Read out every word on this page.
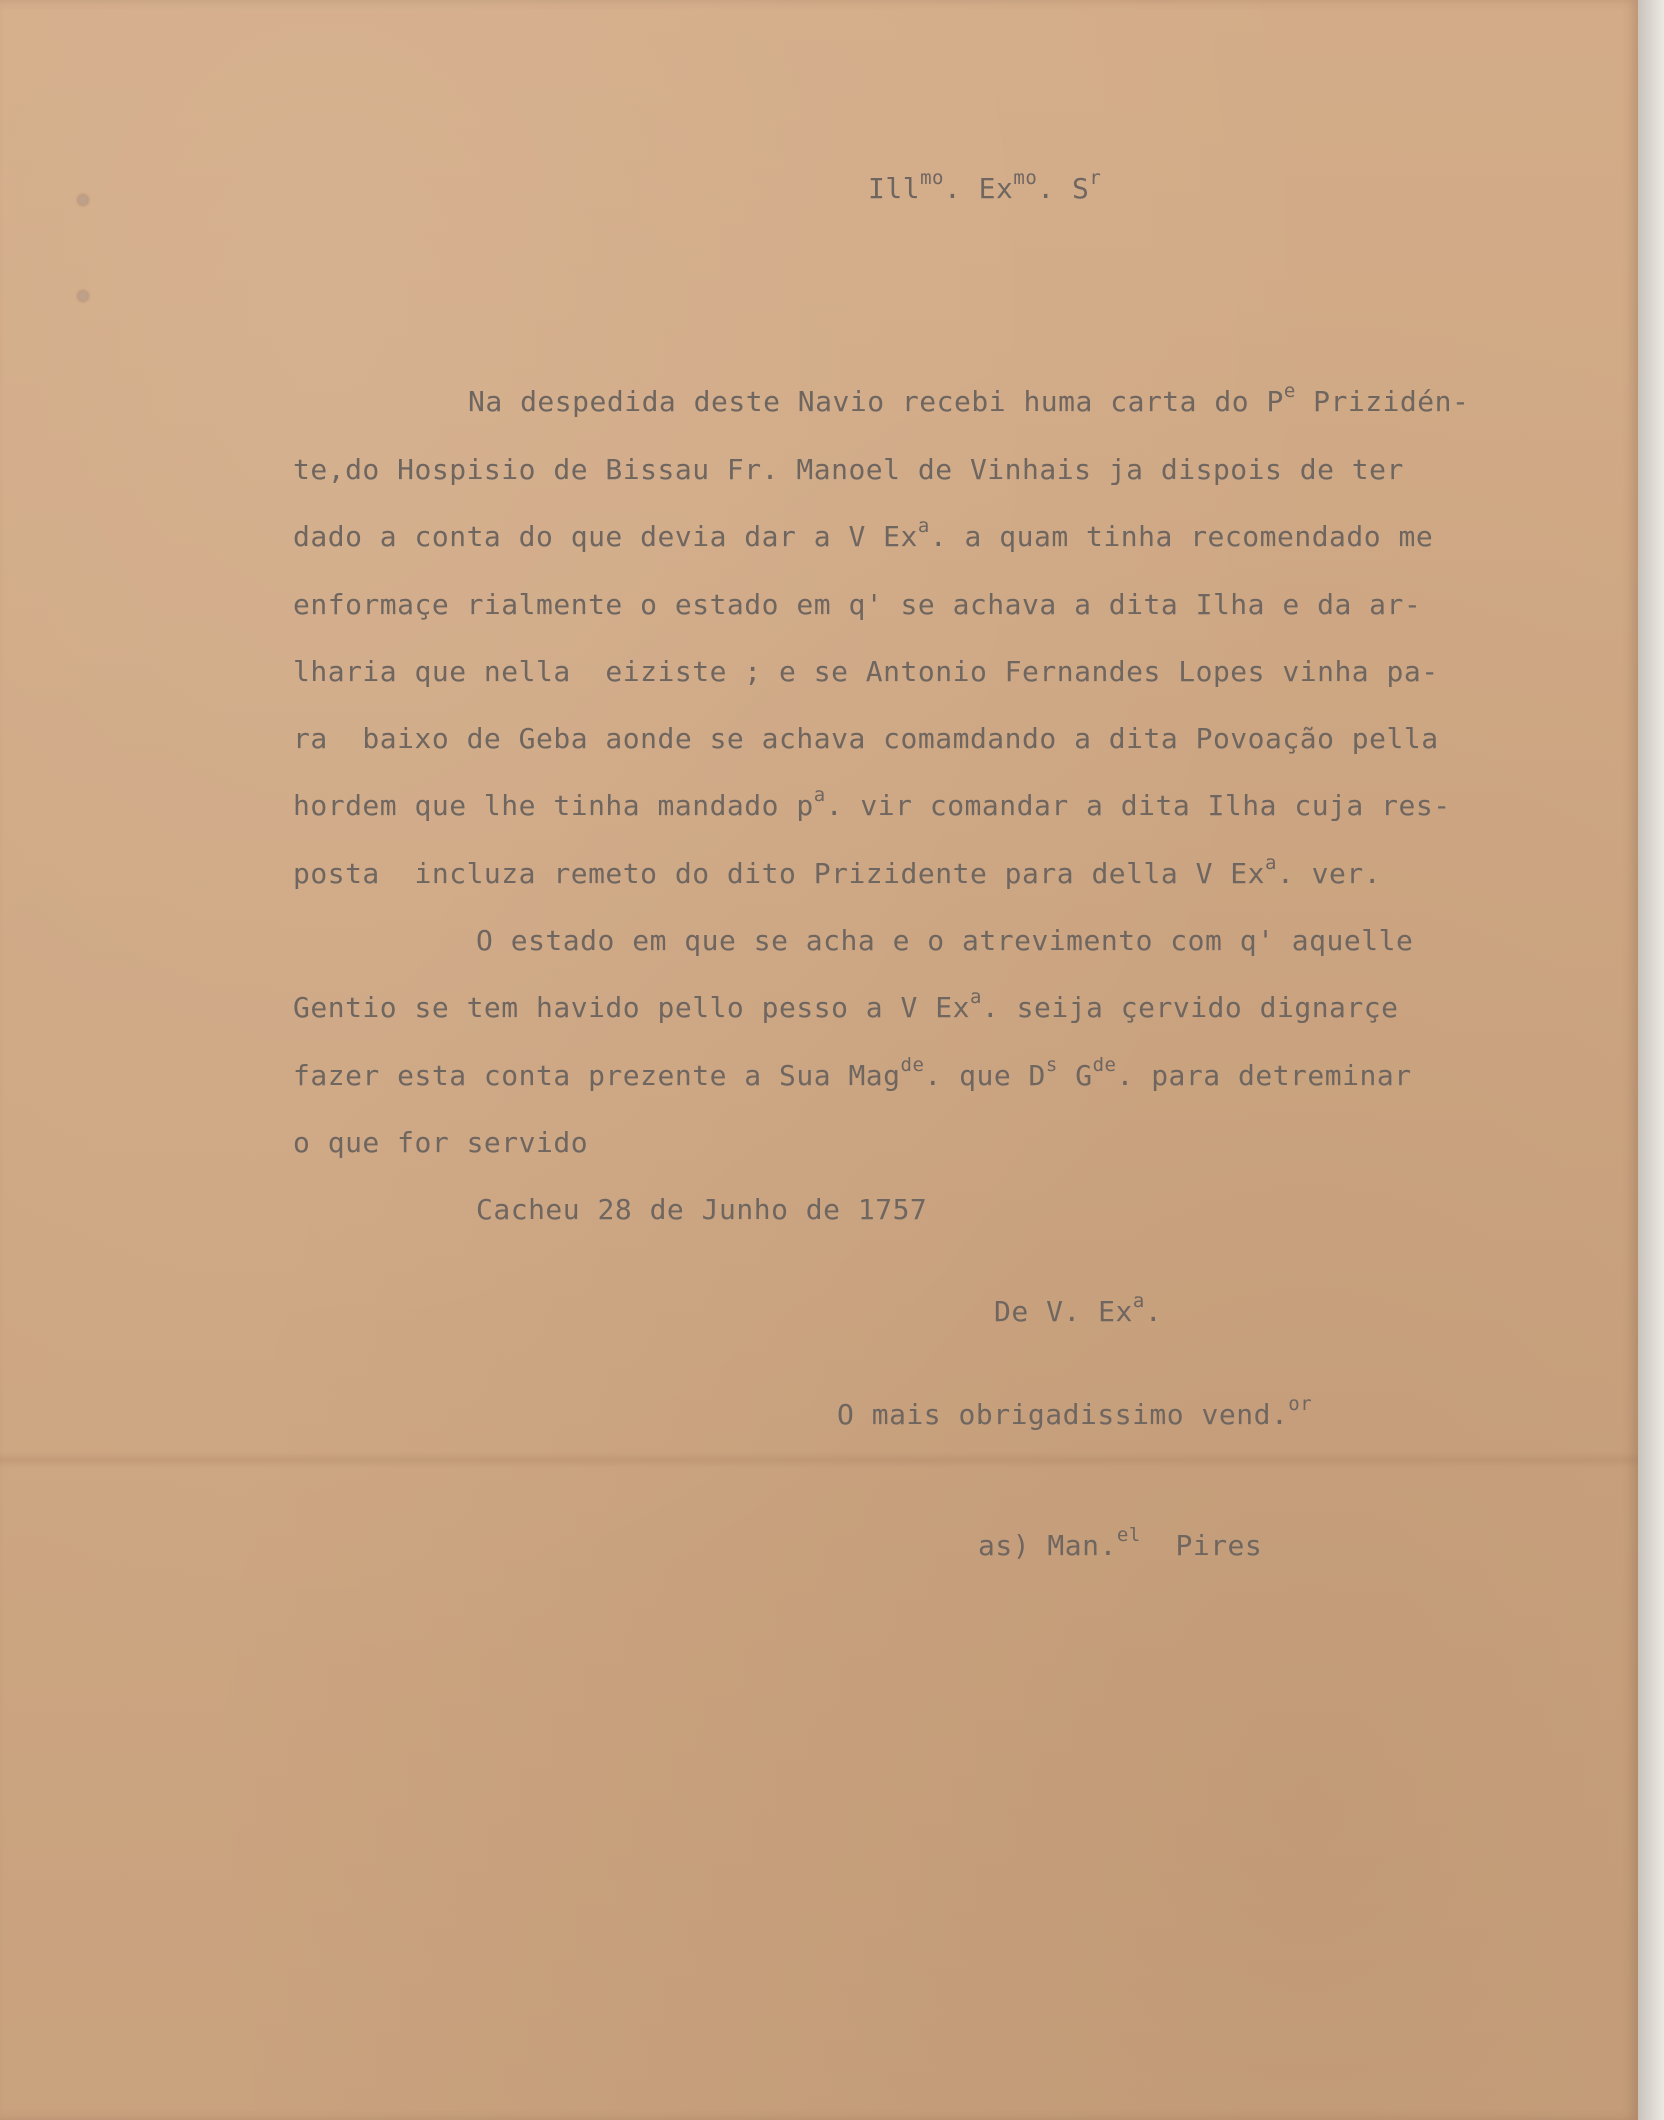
Ill$^{mo}$. $Ex^{mo}$. $S^r$
Na despedida deste Navio recebi huma carta do $P^e$ Prizidén-
te,do Hospisio de Bissau Fr. Manoel de Vinhais ja dispois de ter
dado a conta do que devia dar a V Ex$^a$. a quam tinha recomendado me
enformaçe rialmente o estado em q' se achava a dita Ilha e da ar-
lharia que nella  eiziste ; e se Antonio Fernandes Lopes vinha pa-
ra  baixo de Geba aonde se achava comamdando a dita Povoação pella
hordem que lhe tinha mandado $p^a$. vir comandar a dita Ilha cuja res-
posta  incluza remeto do dito Prizidente para della V Ex$^a$. ver.
O estado em que se acha e o atrevimento com q' aquelle
Gentio se tem havido pello pesso a V Ex$^a$. seija çervido dignarçe
fazer esta conta prezente a Sua Mag$^{de}$. que $D^s$ $G^{de}$. para detreminar
o que for servido
Cacheu 28 de Junho de 1757
De V. Ex$^a$.
O mais obrigadissimo vend.$^{or}$
as) Man.$^{el}$ Pires
